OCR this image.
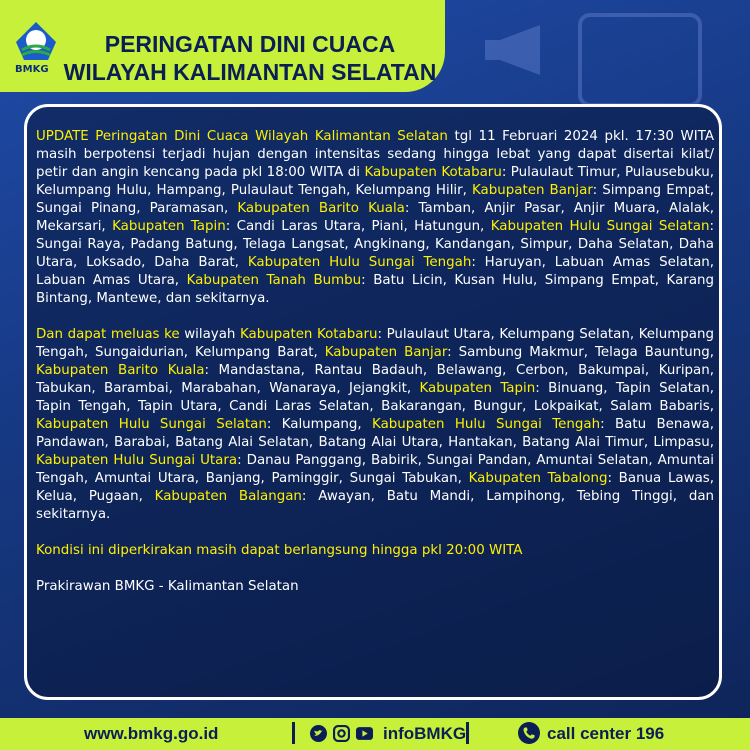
BMKG
PERINGATAN DINI CUACA
WILAYAH KALIMANTAN SELATAN

UPDATE Peringatan Dini Cuaca Wilayah Kalimantan Selatan tgl 11 Februari 2024 pkl. 17:30 WITA masih berpotensi terjadi hujan dengan intensitas sedang hingga lebat yang dapat disertai kilat/ petir dan angin kencang pada pkl 18:00 WITA di Kabupaten Kotabaru: Pulaulaut Timur, Pulausebuku, Kelumpang Hulu, Hampang, Pulaulaut Tengah, Kelumpang Hilir, Kabupaten Banjar: Simpang Empat, Sungai Pinang, Paramasan, Kabupaten Barito Kuala: Tamban, Anjir Pasar, Anjir Muara, Alalak, Mekarsari, Kabupaten Tapin: Candi Laras Utara, Piani, Hatungun, Kabupaten Hulu Sungai Selatan: Sungai Raya, Padang Batung, Telaga Langsat, Angkinang, Kandangan, Simpur, Daha Selatan, Daha Utara, Loksado, Daha Barat, Kabupaten Hulu Sungai Tengah: Haruyan, Labuan Amas Selatan, Labuan Amas Utara, Kabupaten Tanah Bumbu: Batu Licin, Kusan Hulu, Simpang Empat, Karang Bintang, Mantewe, dan sekitarnya.

Dan dapat meluas ke wilayah Kabupaten Kotabaru: Pulaulaut Utara, Kelumpang Selatan, Kelumpang Tengah, Sungaidurian, Kelumpang Barat, Kabupaten Banjar: Sambung Makmur, Telaga Bauntung, Kabupaten Barito Kuala: Mandastana, Rantau Badauh, Belawang, Cerbon, Bakumpai, Kuripan, Tabukan, Barambai, Marabahan, Wanaraya, Jejangkit, Kabupaten Tapin: Binuang, Tapin Selatan, Tapin Tengah, Tapin Utara, Candi Laras Selatan, Bakarangan, Bungur, Lokpaikat, Salam Babaris, Kabupaten Hulu Sungai Selatan: Kalumpang, Kabupaten Hulu Sungai Tengah: Batu Benawa, Pandawan, Barabai, Batang Alai Selatan, Batang Alai Utara, Hantakan, Batang Alai Timur, Limpasu, Kabupaten Hulu Sungai Utara: Danau Panggang, Babirik, Sungai Pandan, Amuntai Selatan, Amuntai Tengah, Amuntai Utara, Banjang, Paminggir, Sungai Tabukan, Kabupaten Tabalong: Banua Lawas, Kelua, Pugaan, Kabupaten Balangan: Awayan, Batu Mandi, Lampihong, Tebing Tinggi, dan sekitarnya.

Kondisi ini diperkirakan masih dapat berlangsung hingga pkl 20:00 WITA

Prakirawan BMKG - Kalimantan Selatan

www.bmkg.go.id	infoBMKG	call center 196
